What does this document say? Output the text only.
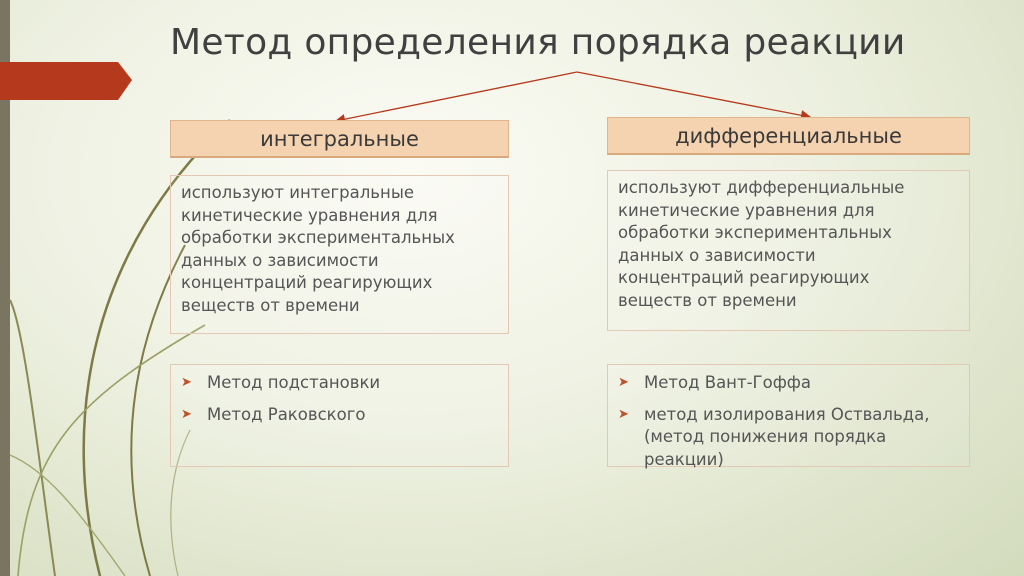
Метод определения порядка реакции
интегральные
используют интегральные
кинетические уравнения для
обработки экспериментальных
данных о зависимости
концентраций реагирующих
веществ от времени
➤ Метод подстановки
➤ Метод Раковского
дифференциальные
используют дифференциальные
кинетические уравнения для
обработки экспериментальных
данных о зависимости
концентраций реагирующих
веществ от времени
➤ Метод Вант-Гоффа
➤ метод изолирования Оствальда,
(метод понижения порядка
реакции)
